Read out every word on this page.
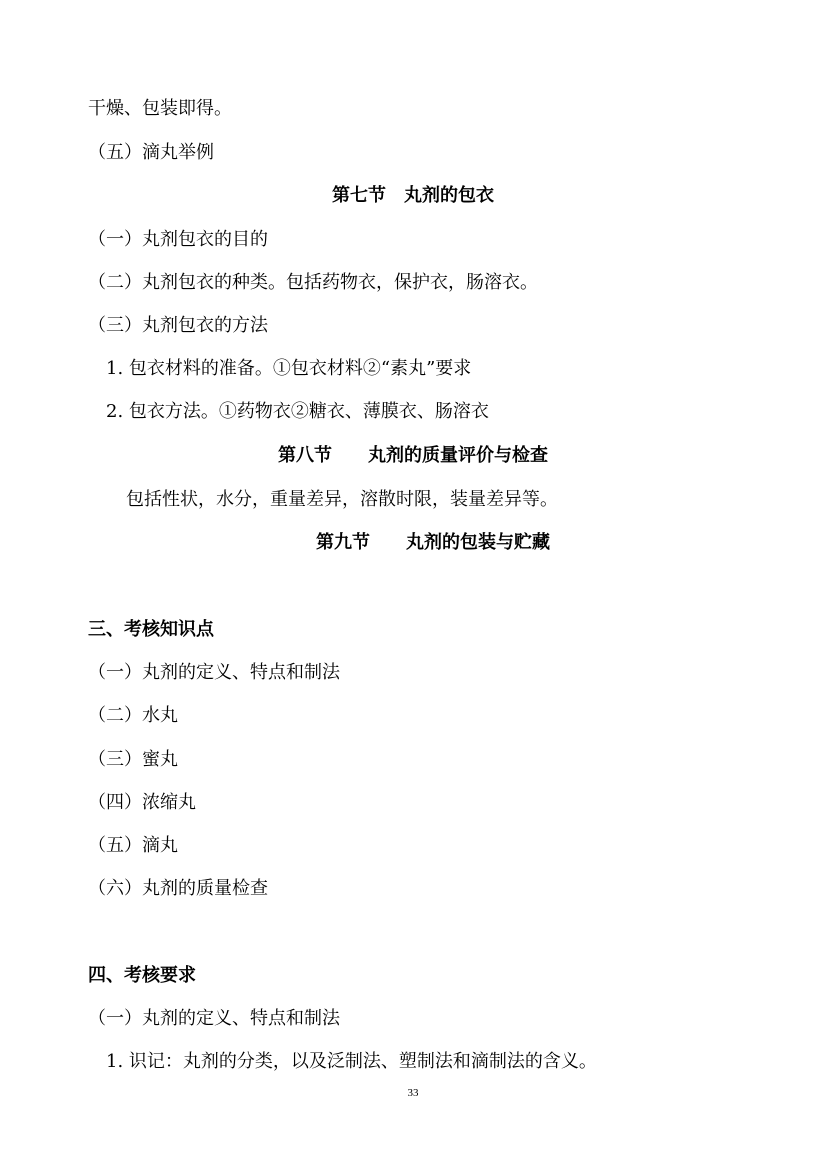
干燥、包装即得。
（五）滴丸举例
第七节　丸剂的包衣
（一）丸剂包衣的目的
（二）丸剂包衣的种类。包括药物衣，保护衣，肠溶衣。
（三）丸剂包衣的方法
1. 包衣材料的准备。①包衣材料②“素丸”要求
2. 包衣方法。①药物衣②糖衣、薄膜衣、肠溶衣
第八节　　丸剂的质量评价与检查
包括性状，水分，重量差异，溶散时限，装量差异等。
第九节　　丸剂的包装与贮藏
三、考核知识点
（一）丸剂的定义、特点和制法
（二）水丸
（三）蜜丸
（四）浓缩丸
（五）滴丸
（六）丸剂的质量检查
四、考核要求
（一）丸剂的定义、特点和制法
1. 识记：丸剂的分类，以及泛制法、塑制法和滴制法的含义。
33
